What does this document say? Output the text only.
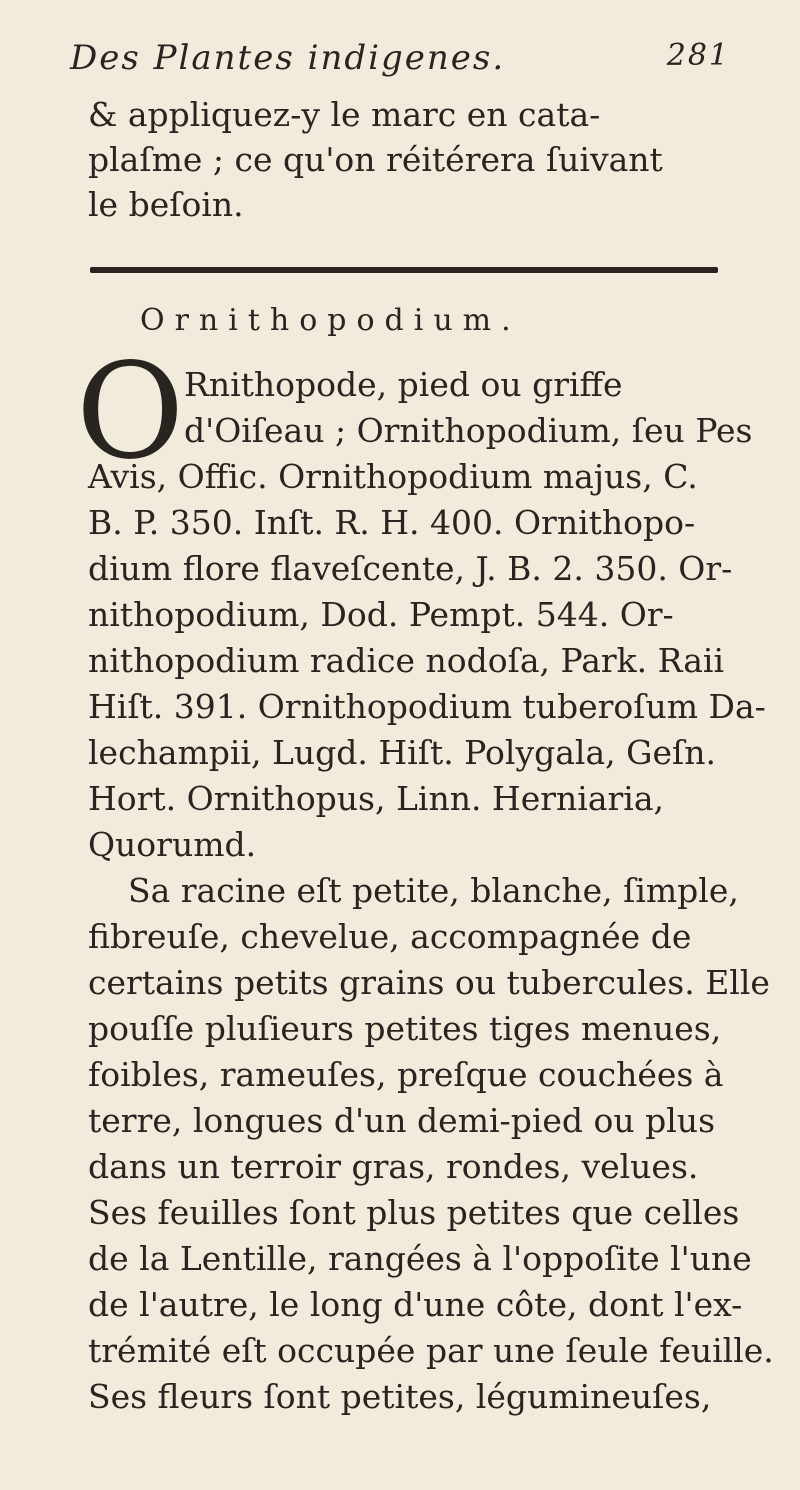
Des Plantes indigenes.	281
& appliquez-y le marc en cata-
plaſme ; ce qu'on réitérera ſuivant
le beſoin.
Ornithopodium.
O Rnithopode, pied ou griffe
d'Oiſeau ; Ornithopodium, ſeu Pes
Avis, Offic. Ornithopodium majus, C.
B. P. 350. Inſt. R. H. 400. Ornithopo-
dium flore flaveſcente, J. B. 2. 350. Or-
nithopodium, Dod. Pempt. 544. Or-
nithopodium radice nodoſa, Park. Raii
Hiſt. 391. Ornithopodium tuberoſum Da-
lechampii, Lugd. Hiſt. Polygala, Geſn.
Hort. Ornithopus, Linn. Herniaria,
Quorumd.
Sa racine eſt petite, blanche, ſimple,
fibreuſe, chevelue, accompagnée de
certains petits grains ou tubercules. Elle
pouſſe pluſieurs petites tiges menues,
foibles, rameuſes, preſque couchées à
terre, longues d'un demi-pied ou plus
dans un terroir gras, rondes, velues.
Ses feuilles ſont plus petites que celles
de la Lentille, rangées à l'oppoſite l'une
de l'autre, le long d'une côte, dont l'ex-
trémité eſt occupée par une ſeule feuille.
Ses fleurs ſont petites, légumineuſes,
